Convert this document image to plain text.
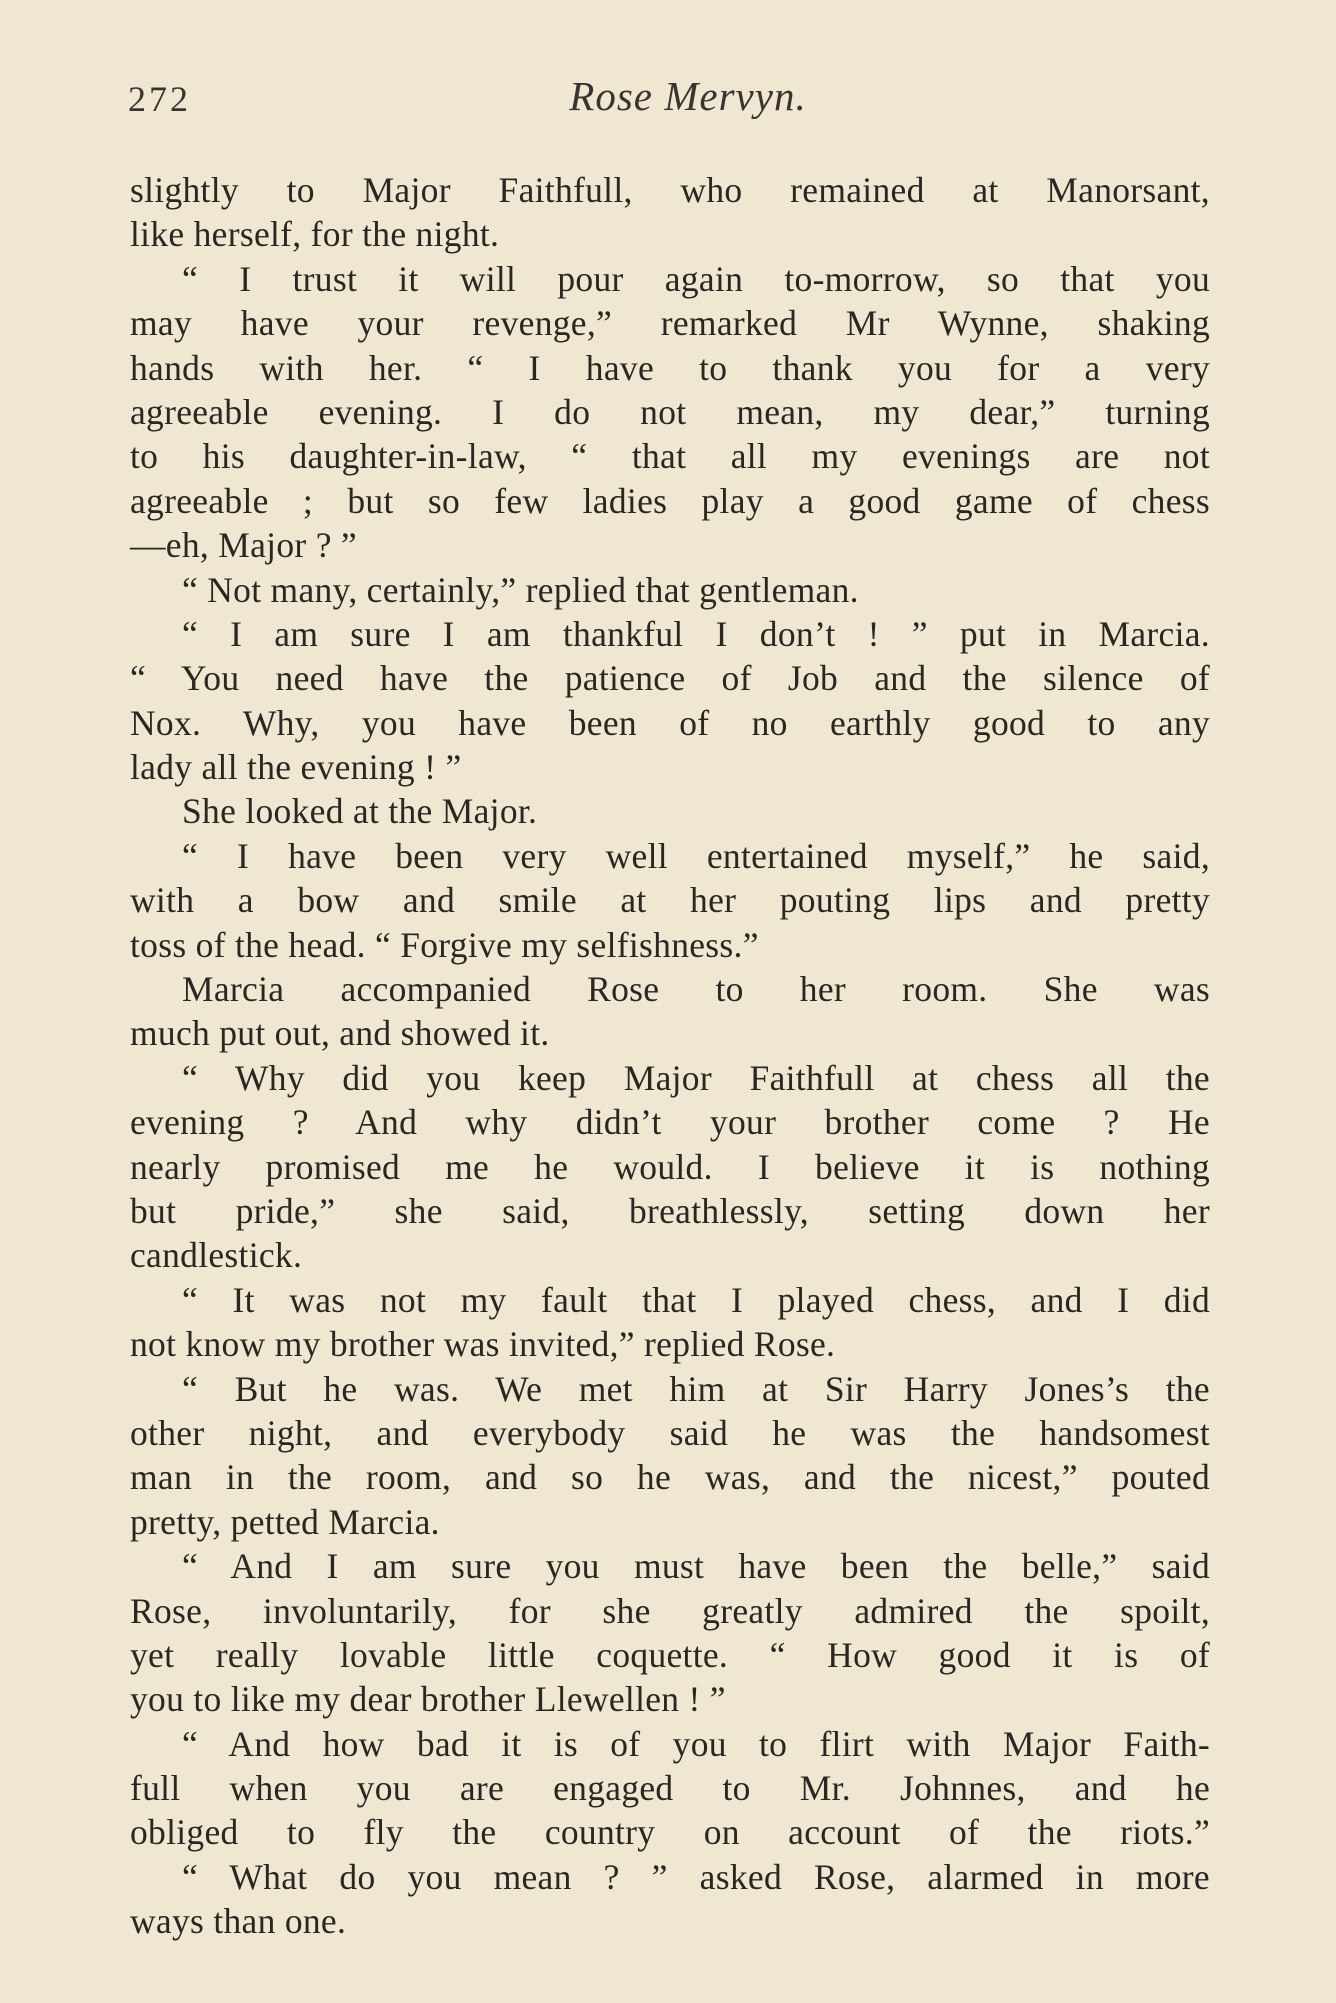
272	Rose Mervyn.
slightly to Major Faithfull, who remained at Manorsant,
like herself, for the night.
“ I trust it will pour again to-morrow, so that you
may have your revenge,” remarked Mr Wynne, shaking
hands with her. “ I have to thank you for a very
agreeable evening. I do not mean, my dear,” turning
to his daughter-in-law, “ that all my evenings are not
agreeable ; but so few ladies play a good game of chess
—eh, Major ? ”
“ Not many, certainly,” replied that gentleman.
“ I am sure I am thankful I don’t ! ” put in Marcia.
“ You need have the patience of Job and the silence of
Nox. Why, you have been of no earthly good to any
lady all the evening ! ”
She looked at the Major.
“ I have been very well entertained myself,” he said,
with a bow and smile at her pouting lips and pretty
toss of the head. “ Forgive my selfishness.”
Marcia accompanied Rose to her room. She was
much put out, and showed it.
“ Why did you keep Major Faithfull at chess all the
evening ? And why didn’t your brother come ? He
nearly promised me he would. I believe it is nothing
but pride,” she said, breathlessly, setting down her
candlestick.
“ It was not my fault that I played chess, and I did
not know my brother was invited,” replied Rose.
“ But he was. We met him at Sir Harry Jones’s the
other night, and everybody said he was the handsomest
man in the room, and so he was, and the nicest,” pouted
pretty, petted Marcia.
“ And I am sure you must have been the belle,” said
Rose, involuntarily, for she greatly admired the spoilt,
yet really lovable little coquette. “ How good it is of
you to like my dear brother Llewellen ! ”
“ And how bad it is of you to flirt with Major Faith-
full when you are engaged to Mr. Johnnes, and he
obliged to fly the country on account of the riots.”
“ What do you mean ? ” asked Rose, alarmed in more
ways than one.
